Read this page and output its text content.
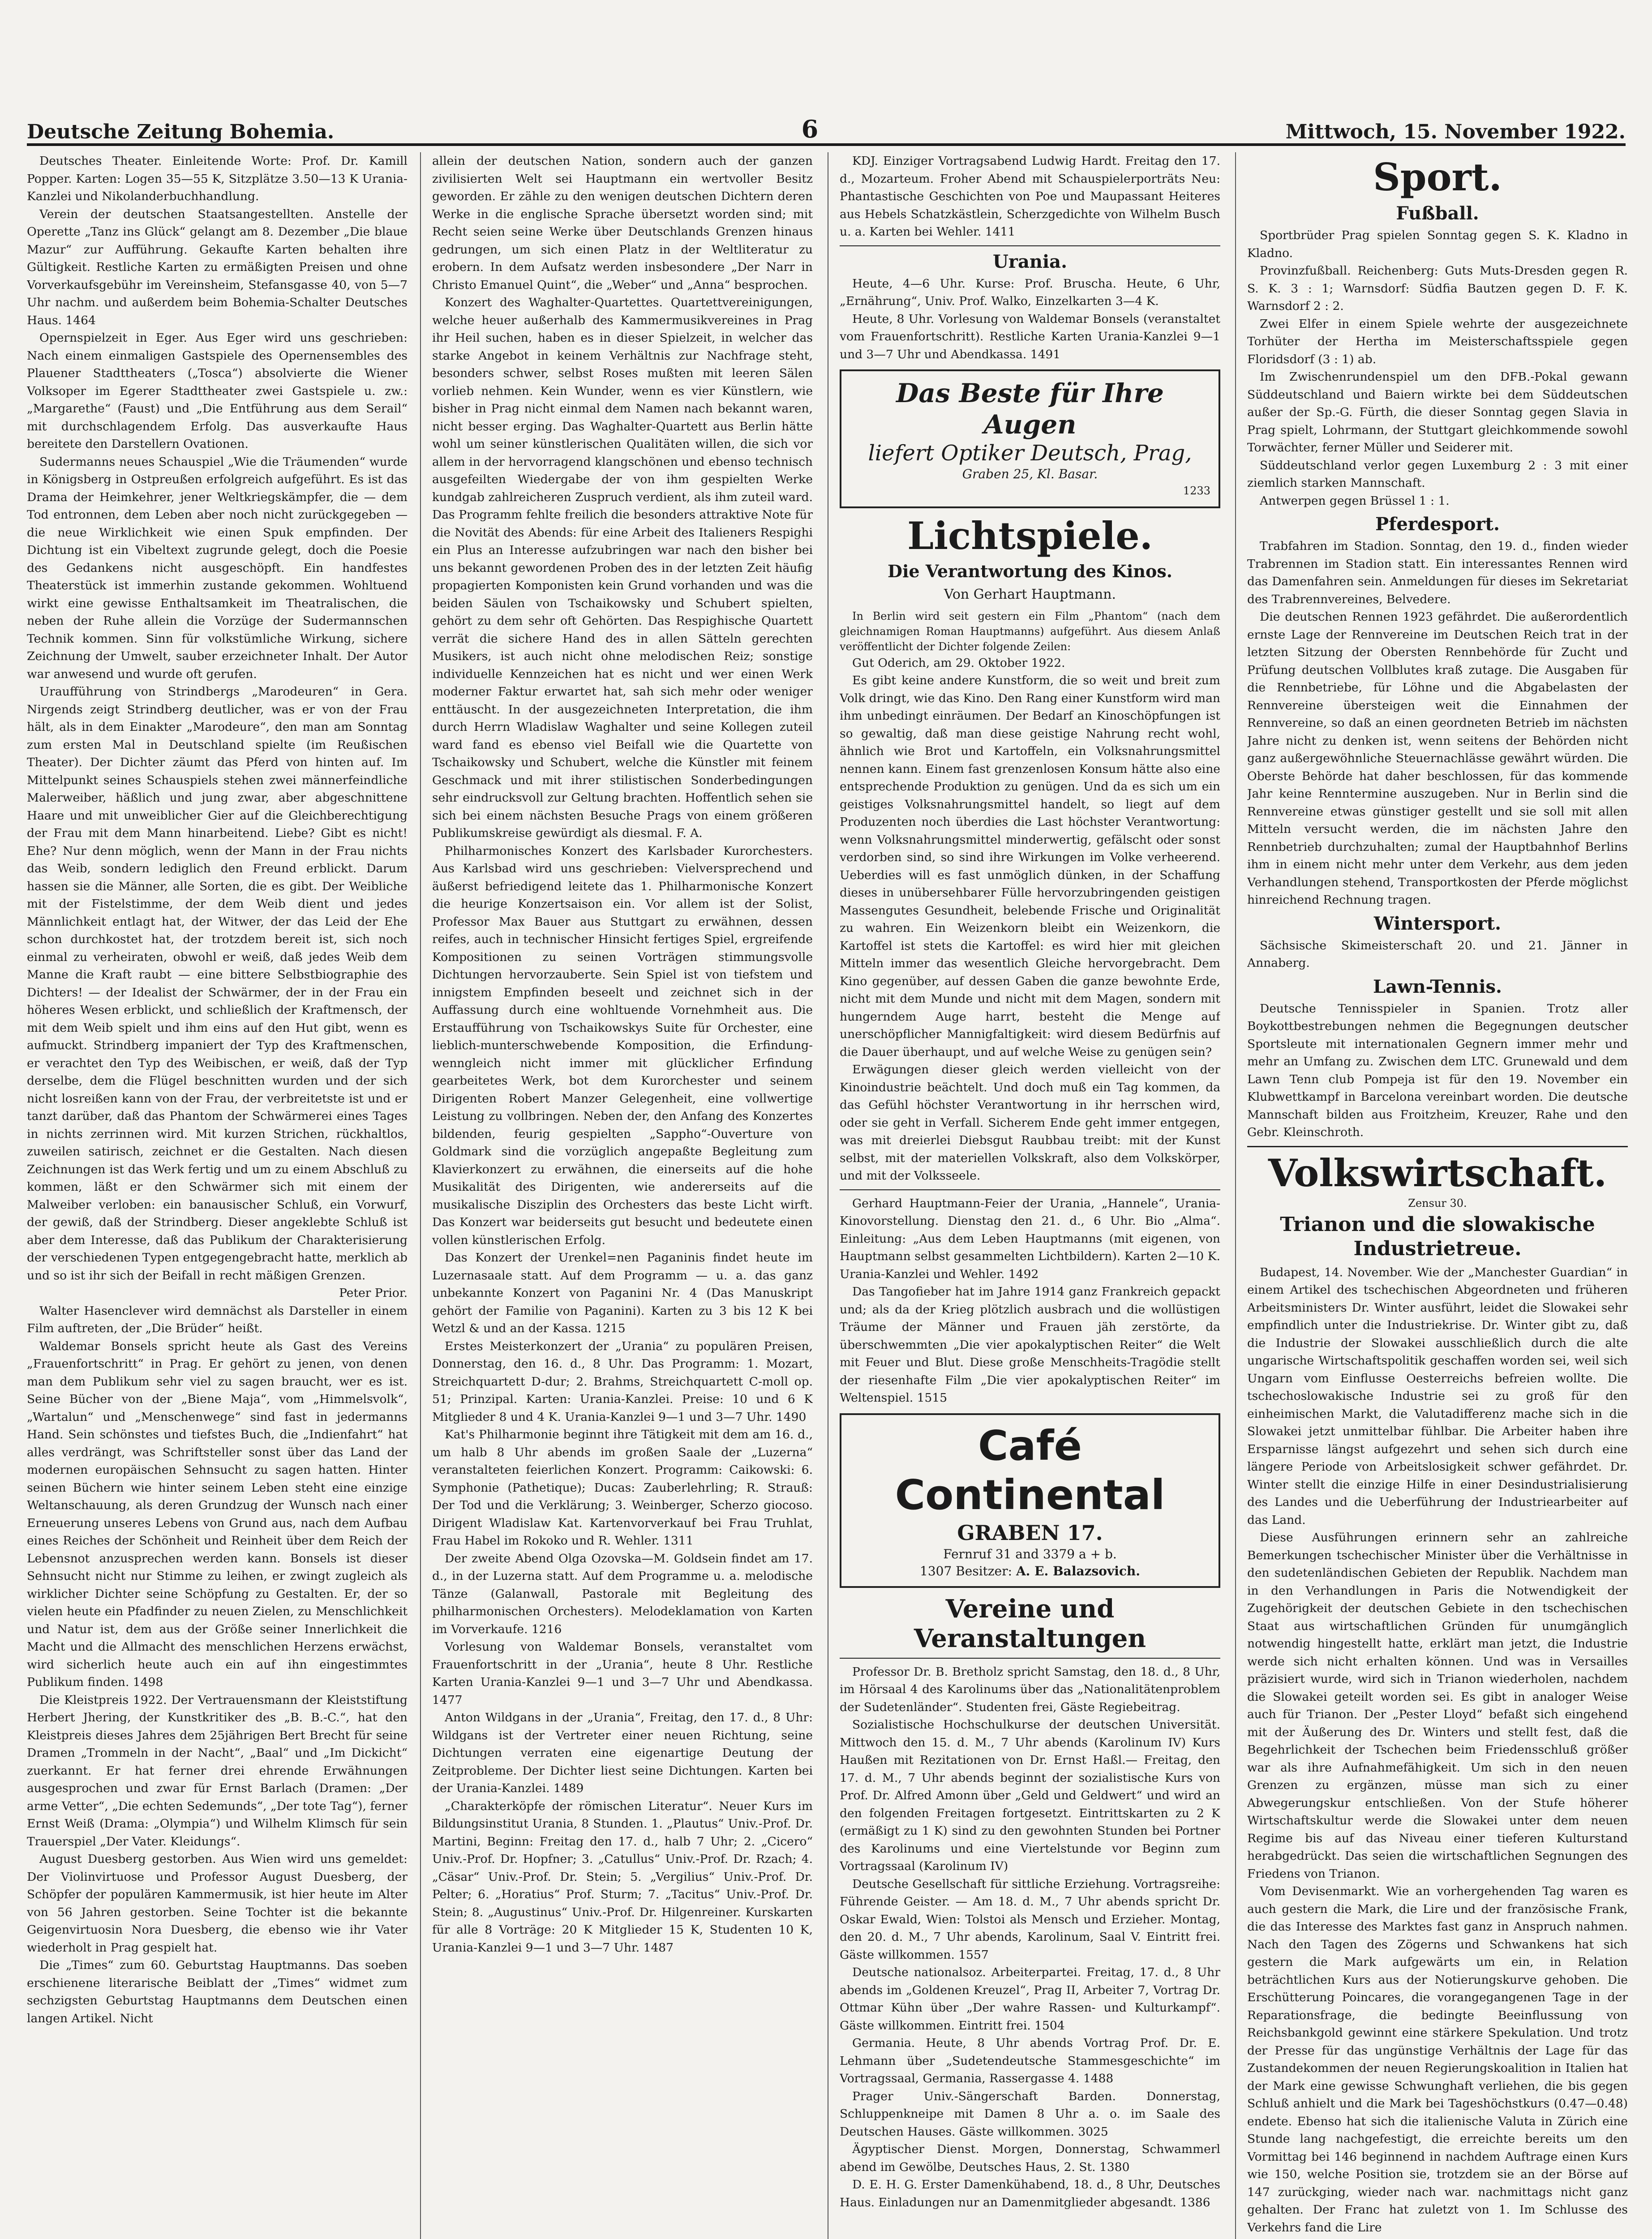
Deutsche Zeitung Bohemia.	6	Mittwoch, 15. November 1922.

Deutsches Theater. Einleitende Worte: Prof. Dr. Kamill Popper. Karten: Logen 35—55 K, Sitzplätze 3.50—13 K Urania-Kanzlei und Nikolanderbuchhandlung.

Verein der deutschen Staatsangestellten. Anstelle der Operette „Tanz ins Glück“ gelangt am 8. Dezember „Die blaue Mazur“ zur Aufführung. Gekaufte Karten behalten ihre Gültigkeit. Restliche Karten zu ermäßigten Preisen und ohne Vorverkaufsgebühr im Vereinsheim, Stefansgasse 40, von 5—7 Uhr nachm. und außerdem beim Bohemia-Schalter Deutsches Haus. 1464

Opernspielzeit in Eger. Aus Eger wird uns geschrieben: Nach einem einmaligen Gastspiele des Opernensembles des Plauener Stadttheaters („Tosca“) absolvierte die Wiener Volksoper im Egerer Stadttheater zwei Gastspiele u. zw.: „Margarethe“ (Faust) und „Die Entführung aus dem Serail“ mit durchschlagendem Erfolg. Das ausverkaufte Haus bereitete den Darstellern Ovationen.

Sudermanns neues Schauspiel „Wie die Träumenden“ wurde in Königsberg in Ostpreußen erfolgreich aufgeführt. Es ist das Drama der Heimkehrer, jener Weltkriegskämpfer, die — dem Tod entronnen, dem Leben aber noch nicht zurückgegeben — die neue Wirklichkeit wie einen Spuk empfinden. Der Dichtung ist ein Vibeltext zugrunde gelegt, doch die Poesie des Gedankens nicht ausgeschöpft. Ein handfestes Theaterstück ist immerhin zustande gekommen. Wohltuend wirkt eine gewisse Enthaltsamkeit im Theatralischen, die neben der Ruhe allein die Vorzüge der Sudermannschen Technik kommen. Sinn für volkstümliche Wirkung, sichere Zeichnung der Umwelt, sauber erzeichneter Inhalt. Der Autor war anwesend und wurde oft gerufen.

Uraufführung von Strindbergs „Marodeuren“ in Gera. Nirgends zeigt Strindberg deutlicher, was er von der Frau hält, als in dem Einakter „Marodeure“, den man am Sonntag zum ersten Mal in Deutschland spielte (im Reußischen Theater). Der Dichter zäumt das Pferd von hinten auf. Im Mittelpunkt seines Schauspiels stehen zwei männerfeindliche Malerweiber, häßlich und jung zwar, aber abgeschnittene Haare und mit unweiblicher Gier auf die Gleichberechtigung der Frau mit dem Mann hinarbeitend. Liebe? Gibt es nicht! Ehe? Nur denn möglich, wenn der Mann in der Frau nichts das Weib, sondern lediglich den Freund erblickt. Darum hassen sie die Männer, alle Sorten, die es gibt. Der Weibliche mit der Fistelstimme, der dem Weib dient und jedes Männlichkeit entlagt hat, der Witwer, der das Leid der Ehe schon durchkostet hat, der trotzdem bereit ist, sich noch einmal zu verheiraten, obwohl er weiß, daß jedes Weib dem Manne die Kraft raubt — eine bittere Selbstbiographie des Dichters! — der Idealist der Schwärmer, der in der Frau ein höheres Wesen erblickt, und schließlich der Kraftmensch, der mit dem Weib spielt und ihm eins auf den Hut gibt, wenn es aufmuckt. Strindberg impaniert der Typ des Kraftmenschen, er verachtet den Typ des Weibischen, er weiß, daß der Typ derselbe, dem die Flügel beschnitten wurden und der sich nicht losreißen kann von der Frau, der verbreitetste ist und er tanzt darüber, daß das Phantom der Schwärmerei eines Tages in nichts zerrinnen wird. Mit kurzen Strichen, rückhaltlos, zuweilen satirisch, zeichnet er die Gestalten. Nach diesen Zeichnungen ist das Werk fertig und um zu einem Abschluß zu kommen, läßt er den Schwärmer sich mit einem der Malweiber verloben: ein banausischer Schluß, ein Vorwurf, der gewiß, daß der Strindberg. Dieser angeklebte Schluß ist aber dem Interesse, daß das Publikum der Charakterisierung der verschiedenen Typen entgegengebracht hatte, merklich ab und so ist ihr sich der Beifall in recht mäßigen Grenzen.

Peter Prior.

Walter Hasenclever wird demnächst als Darsteller in einem Film auftreten, der „Die Brüder“ heißt.

Waldemar Bonsels spricht heute als Gast des Vereins „Frauenfortschritt“ in Prag. Er gehört zu jenen, von denen man dem Publikum sehr viel zu sagen braucht, wer es ist. Seine Bücher von der „Biene Maja“, vom „Himmelsvolk“, „Wartalun“ und „Menschenwege“ sind fast in jedermanns Hand. Sein schönstes und tiefstes Buch, die „Indienfahrt“ hat alles verdrängt, was Schriftsteller sonst über das Land der modernen europäischen Sehnsucht zu sagen hatten. Hinter seinen Büchern wie hinter seinem Leben steht eine einzige Weltanschauung, als deren Grundzug der Wunsch nach einer Erneuerung unseres Lebens von Grund aus, nach dem Aufbau eines Reiches der Schönheit und Reinheit über dem Reich der Lebensnot anzusprechen werden kann. Bonsels ist dieser Sehnsucht nicht nur Stimme zu leihen, er zwingt zugleich als wirklicher Dichter seine Schöpfung zu Gestalten. Er, der so vielen heute ein Pfadfinder zu neuen Zielen, zu Menschlichkeit und Natur ist, dem aus der Größe seiner Innerlichkeit die Macht und die Allmacht des menschlichen Herzens erwächst, wird sicherlich heute auch ein auf ihn eingestimmtes Publikum finden. 1498

Die Kleistpreis 1922. Der Vertrauensmann der Kleiststiftung Herbert Jhering, der Kunstkritiker des „B. B.-C.“, hat den Kleistpreis dieses Jahres dem 25jährigen Bert Brecht für seine Dramen „Trommeln in der Nacht“, „Baal“ und „Im Dickicht“ zuerkannt. Er hat ferner drei ehrende Erwähnungen ausgesprochen und zwar für Ernst Barlach (Dramen: „Der arme Vetter“, „Die echten Sedemunds“, „Der tote Tag“), ferner Ernst Weiß (Drama: „Olympia“) und Wilhelm Klimsch für sein Trauerspiel „Der Vater. Kleidungs“.

August Duesberg gestorben. Aus Wien wird uns gemeldet: Der Violinvirtuose und Professor August Duesberg, der Schöpfer der populären Kammermusik, ist hier heute im Alter von 56 Jahren gestorben. Seine Tochter ist die bekannte Geigenvirtuosin Nora Duesberg, die ebenso wie ihr Vater wiederholt in Prag gespielt hat.

Die „Times“ zum 60. Geburtstag Hauptmanns. Das soeben erschienene literarische Beiblatt der „Times“ widmet zum sechzigsten Geburtstag Hauptmanns dem Deutschen einen langen Artikel. Nicht

allein der deutschen Nation, sondern auch der ganzen zivilisierten Welt sei Hauptmann ein wertvoller Besitz geworden. Er zähle zu den wenigen deutschen Dichtern deren Werke in die englische Sprache übersetzt worden sind; mit Recht seien seine Werke über Deutschlands Grenzen hinaus gedrungen, um sich einen Platz in der Weltliteratur zu erobern. In dem Aufsatz werden insbesondere „Der Narr in Christo Emanuel Quint“, die „Weber“ und „Anna“ besprochen.

Konzert des Waghalter-Quartettes. Quartettvereinigungen, welche heuer außerhalb des Kammermusikvereines in Prag ihr Heil suchen, haben es in dieser Spielzeit, in welcher das starke Angebot in keinem Verhältnis zur Nachfrage steht, besonders schwer, selbst Roses mußten mit leeren Sälen vorlieb nehmen. Kein Wunder, wenn es vier Künstlern, wie bisher in Prag nicht einmal dem Namen nach bekannt waren, nicht besser erging. Das Waghalter-Quartett aus Berlin hätte wohl um seiner künstlerischen Qualitäten willen, die sich vor allem in der hervorragend klangschönen und ebenso technisch ausgefeilten Wiedergabe der von ihm gespielten Werke kundgab zahlreicheren Zuspruch verdient, als ihm zuteil ward. Das Programm fehlte freilich die besonders attraktive Note für die Novität des Abends: für eine Arbeit des Italieners Respighi ein Plus an Interesse aufzubringen war nach den bisher bei uns bekannt gewordenen Proben des in der letzten Zeit häufig propagierten Komponisten kein Grund vorhanden und was die beiden Säulen von Tschaikowsky und Schubert spielten, gehört zu dem sehr oft Gehörten. Das Respighische Quartett verrät die sichere Hand des in allen Sätteln gerechten Musikers, ist auch nicht ohne melodischen Reiz; sonstige individuelle Kennzeichen hat es nicht und wer einen Werk moderner Faktur erwartet hat, sah sich mehr oder weniger enttäuscht. In der ausgezeichneten Interpretation, die ihm durch Herrn Wladislaw Waghalter und seine Kollegen zuteil ward fand es ebenso viel Beifall wie die Quartette von Tschaikowsky und Schubert, welche die Künstler mit feinem Geschmack und mit ihrer stilistischen Sonderbedingungen sehr eindrucksvoll zur Geltung brachten. Hoffentlich sehen sie sich bei einem nächsten Besuche Prags von einem größeren Publikumskreise gewürdigt als diesmal. F. A.

Philharmonisches Konzert des Karlsbader Kurorchesters. Aus Karlsbad wird uns geschrieben: Vielversprechend und äußerst befriedigend leitete das 1. Philharmonische Konzert die heurige Konzertsaison ein. Vor allem ist der Solist, Professor Max Bauer aus Stuttgart zu erwähnen, dessen reifes, auch in technischer Hinsicht fertiges Spiel, ergreifende Kompositionen zu seinen Vorträgen stimmungsvolle Dichtungen hervorzauberte. Sein Spiel ist von tiefstem und innigstem Empfinden beseelt und zeichnet sich in der Auffassung durch eine wohltuende Vornehmheit aus. Die Erstaufführung von Tschaikowskys Suite für Orchester, eine lieblich-munterschwebende Komposition, die Erfindung-wenngleich nicht immer mit glücklicher Erfindung gearbeitetes Werk, bot dem Kurorchester und seinem Dirigenten Robert Manzer Gelegenheit, eine vollwertige Leistung zu vollbringen. Neben der, den Anfang des Konzertes bildenden, feurig gespielten „Sappho“-Ouverture von Goldmark sind die vorzüglich angepaßte Begleitung zum Klavierkonzert zu erwähnen, die einerseits auf die hohe Musikalität des Dirigenten, wie andererseits auf die musikalische Disziplin des Orchesters das beste Licht wirft. Das Konzert war beiderseits gut besucht und bedeutete einen vollen künstlerischen Erfolg.

Das Konzert der Urenkel=nen Paganinis findet heute im Luzernasaale statt. Auf dem Programm — u. a. das ganz unbekannte Konzert von Paganini Nr. 4 (Das Manuskript gehört der Familie von Paganini). Karten zu 3 bis 12 K bei Wetzl & und an der Kassa. 1215

Erstes Meisterkonzert der „Urania“ zu populären Preisen, Donnerstag, den 16. d., 8 Uhr. Das Programm: 1. Mozart, Streichquartett D-dur; 2. Brahms, Streichquartett C-moll op. 51; Prinzipal. Karten: Urania-Kanzlei. Preise: 10 und 6 K Mitglieder 8 und 4 K. Urania-Kanzlei 9—1 und 3—7 Uhr. 1490

Kat's Philharmonie beginnt ihre Tätigkeit mit dem am 16. d., um halb 8 Uhr abends im großen Saale der „Luzerna“ veranstalteten feierlichen Konzert. Programm: Caikowski: 6. Symphonie (Pathetique); Ducas: Zauberlehrling; R. Strauß: Der Tod und die Verklärung; 3. Weinberger, Scherzo giocoso. Dirigent Wladislaw Kat. Kartenvorverkauf bei Frau Truhlat, Frau Habel im Rokoko und R. Wehler. 1311

Der zweite Abend Olga Ozovska—M. Goldsein findet am 17. d., in der Luzerna statt. Auf dem Programme u. a. melodische Tänze (Galanwall, Pastorale mit Begleitung des philharmonischen Orchesters). Melodeklamation von Karten im Vorverkaufe. 1216

Vorlesung von Waldemar Bonsels, veranstaltet vom Frauenfortschritt in der „Urania“, heute 8 Uhr. Restliche Karten Urania-Kanzlei 9—1 und 3—7 Uhr und Abendkassa. 1477

Anton Wildgans in der „Urania“, Freitag, den 17. d., 8 Uhr: Wildgans ist der Vertreter einer neuen Richtung, seine Dichtungen verraten eine eigenartige Deutung der Zeitprobleme. Der Dichter liest seine Dichtungen. Karten bei der Urania-Kanzlei. 1489

„Charakterköpfe der römischen Literatur“. Neuer Kurs im Bildungsinstitut Urania, 8 Stunden. 1. „Plautus“ Univ.-Prof. Dr. Martini, Beginn: Freitag den 17. d., halb 7 Uhr; 2. „Cicero“ Univ.-Prof. Dr. Hopfner; 3. „Catullus“ Univ.-Prof. Dr. Rzach; 4. „Cäsar“ Univ.-Prof. Dr. Stein; 5. „Vergilius“ Univ.-Prof. Dr. Pelter; 6. „Horatius“ Prof. Sturm; 7. „Tacitus“ Univ.-Prof. Dr. Stein; 8. „Augustinus“ Univ.-Prof. Dr. Hilgenreiner. Kurskarten für alle 8 Vorträge: 20 K Mitglieder 15 K, Studenten 10 K, Urania-Kanzlei 9—1 und 3—7 Uhr. 1487

KDJ. Einziger Vortragsabend Ludwig Hardt. Freitag den 17. d., Mozarteum. Froher Abend mit Schauspielerporträts Neu: Phantastische Geschichten von Poe und Maupassant Heiteres aus Hebels Schatzkästlein, Scherzgedichte von Wilhelm Busch u. a. Karten bei Wehler. 1411

Urania.

Heute, 4—6 Uhr. Kurse: Prof. Bruscha. Heute, 6 Uhr, „Ernährung“, Univ. Prof. Walko, Einzelkarten 3—4 K.

Heute, 8 Uhr. Vorlesung von Waldemar Bonsels (veranstaltet vom Frauenfortschritt). Restliche Karten Urania-Kanzlei 9—1 und 3—7 Uhr und Abendkassa. 1491

Das Beste für Ihre Augen
liefert Optiker Deutsch, Prag,
Graben 25, Kl. Basar.
1233
Lichtspiele.
Die Verantwortung des Kinos.
Von Gerhart Hauptmann.

In Berlin wird seit gestern ein Film „Phantom“ (nach dem gleichnamigen Roman Hauptmanns) aufgeführt. Aus diesem Anlaß veröffentlicht der Dichter folgende Zeilen:

Gut Oderich, am 29. Oktober 1922.

Es gibt keine andere Kunstform, die so weit und breit zum Volk dringt, wie das Kino. Den Rang einer Kunstform wird man ihm unbedingt einräumen. Der Bedarf an Kinoschöpfungen ist so gewaltig, daß man diese geistige Nahrung recht wohl, ähnlich wie Brot und Kartoffeln, ein Volksnahrungsmittel nennen kann. Einem fast grenzenlosen Konsum hätte also eine entsprechende Produktion zu genügen. Und da es sich um ein geistiges Volksnahrungsmittel handelt, so liegt auf dem Produzenten noch überdies die Last höchster Verantwortung: wenn Volksnahrungsmittel minderwertig, gefälscht oder sonst verdorben sind, so sind ihre Wirkungen im Volke verheerend. Ueberdies will es fast unmöglich dünken, in der Schaffung dieses in unübersehbarer Fülle hervorzubringenden geistigen Massengutes Gesundheit, belebende Frische und Originalität zu wahren. Ein Weizenkorn bleibt ein Weizenkorn, die Kartoffel ist stets die Kartoffel: es wird hier mit gleichen Mitteln immer das wesentlich Gleiche hervorgebracht. Dem Kino gegenüber, auf dessen Gaben die ganze bewohnte Erde, nicht mit dem Munde und nicht mit dem Magen, sondern mit hungerndem Auge harrt, besteht die Menge auf unerschöpflicher Mannigfaltigkeit: wird diesem Bedürfnis auf die Dauer überhaupt, und auf welche Weise zu genügen sein?

Erwägungen dieser gleich werden vielleicht von der Kinoindustrie beächtelt. Und doch muß ein Tag kommen, da das Gefühl höchster Verantwortung in ihr herrschen wird, oder sie geht in Verfall. Sicherem Ende geht immer entgegen, was mit dreierlei Diebsgut Raubbau treibt: mit der Kunst selbst, mit der materiellen Volkskraft, also dem Volkskörper, und mit der Volksseele.

Gerhard Hauptmann-Feier der Urania, „Hannele“, Urania-Kinovorstellung. Dienstag den 21. d., 6 Uhr. Bio „Alma“. Einleitung: „Aus dem Leben Hauptmanns (mit eigenen, von Hauptmann selbst gesammelten Lichtbildern). Karten 2—10 K. Urania-Kanzlei und Wehler. 1492

Das Tangofieber hat im Jahre 1914 ganz Frankreich gepackt und; als da der Krieg plötzlich ausbrach und die wollüstigen Träume der Männer und Frauen jäh zerstörte, da überschwemmten „Die vier apokalyptischen Reiter“ die Welt mit Feuer und Blut. Diese große Menschheits-Tragödie stellt der riesenhafte Film „Die vier apokalyptischen Reiter“ im Weltenspiel. 1515

Café Continental
GRABEN 17.
Fernruf 31 and 3379 a + b.
1307 Besitzer: A. E. Balazsovich.
Vereine und Veranstaltungen

Professor Dr. B. Bretholz spricht Samstag, den 18. d., 8 Uhr, im Hörsaal 4 des Karolinums über das „Nationalitätenproblem der Sudetenländer“. Studenten frei, Gäste Regiebeitrag.

Sozialistische Hochschulkurse der deutschen Universität. Mittwoch den 15. d. M., 7 Uhr abends (Karolinum IV) Kurs Haußen mit Rezitationen von Dr. Ernst Haßl.— Freitag, den 17. d. M., 7 Uhr abends beginnt der sozialistische Kurs von Prof. Dr. Alfred Amonn über „Geld und Geldwert“ und wird an den folgenden Freitagen fortgesetzt. Eintrittskarten zu 2 K (ermäßigt zu 1 K) sind zu den gewohnten Stunden bei Portner des Karolinums und eine Viertelstunde vor Beginn zum Vortragssaal (Karolinum IV)

Deutsche Gesellschaft für sittliche Erziehung. Vortragsreihe: Führende Geister. — Am 18. d. M., 7 Uhr abends spricht Dr. Oskar Ewald, Wien: Tolstoi als Mensch und Erzieher. Montag, den 20. d. M., 7 Uhr abends, Karolinum, Saal V. Eintritt frei. Gäste willkommen. 1557

Deutsche nationalsoz. Arbeiterpartei. Freitag, 17. d., 8 Uhr abends im „Goldenen Kreuzel“, Prag II, Arbeiter 7, Vortrag Dr. Ottmar Kühn über „Der wahre Rassen- und Kulturkampf“. Gäste willkommen. Eintritt frei. 1504

Germania. Heute, 8 Uhr abends Vortrag Prof. Dr. E. Lehmann über „Sudetendeutsche Stammesgeschichte“ im Vortragssaal, Germania, Rassergasse 4. 1488

Prager Univ.-Sängerschaft Barden. Donnerstag, Schluppenkneipe mit Damen 8 Uhr a. o. im Saale des Deutschen Hauses. Gäste willkommen. 3025

Ägyptischer Dienst. Morgen, Donnerstag, Schwammerl abend im Gewölbe, Deutsches Haus, 2. St. 1380

D. E. H. G. Erster Damenkühabend, 18. d., 8 Uhr, Deutsches Haus. Einladungen nur an Damenmitglieder abgesandt. 1386

Sport.
Fußball.

Sportbrüder Prag spielen Sonntag gegen S. K. Kladno in Kladno.

Provinzfußball. Reichenberg: Guts Muts-Dresden gegen R. S. K. 3 : 1; Warnsdorf: Südfia Bautzen gegen D. F. K. Warnsdorf 2 : 2.

Zwei Elfer in einem Spiele wehrte der ausgezeichnete Torhüter der Hertha im Meisterschaftsspiele gegen Floridsdorf (3 : 1) ab.

Im Zwischenrundenspiel um den DFB.-Pokal gewann Süddeutschland und Baiern wirkte bei dem Süddeutschen außer der Sp.-G. Fürth, die dieser Sonntag gegen Slavia in Prag spielt, Lohrmann, der Stuttgart gleichkommende sowohl Torwächter, ferner Müller und Seiderer mit.

Süddeutschland verlor gegen Luxemburg 2 : 3 mit einer ziemlich starken Mannschaft.

Antwerpen gegen Brüssel 1 : 1.

Pferdesport.

Trabfahren im Stadion. Sonntag, den 19. d., finden wieder Trabrennen im Stadion statt. Ein interessantes Rennen wird das Damenfahren sein. Anmeldungen für dieses im Sekretariat des Trabrennvereines, Belvedere.

Die deutschen Rennen 1923 gefährdet. Die außerordentlich ernste Lage der Rennvereine im Deutschen Reich trat in der letzten Sitzung der Obersten Rennbehörde für Zucht und Prüfung deutschen Vollblutes kraß zutage. Die Ausgaben für die Rennbetriebe, für Löhne und die Abgabelasten der Rennvereine übersteigen weit die Einnahmen der Rennvereine, so daß an einen geordneten Betrieb im nächsten Jahre nicht zu denken ist, wenn seitens der Behörden nicht ganz außergewöhnliche Steuernachlässe gewährt würden. Die Oberste Behörde hat daher beschlossen, für das kommende Jahr keine Renntermine auszugeben. Nur in Berlin sind die Rennvereine etwas günstiger gestellt und sie soll mit allen Mitteln versucht werden, die im nächsten Jahre den Rennbetrieb durchzuhalten; zumal der Hauptbahnhof Berlins ihm in einem nicht mehr unter dem Verkehr, aus dem jeden Verhandlungen stehend, Transportkosten der Pferde möglichst hinreichend Rechnung tragen.

Wintersport.

Sächsische Skimeisterschaft 20. und 21. Jänner in Annaberg.

Lawn-Tennis.

Deutsche Tennisspieler in Spanien. Trotz aller Boykottbestrebungen nehmen die Begegnungen deutscher Sportsleute mit internationalen Gegnern immer mehr und mehr an Umfang zu. Zwischen dem LTC. Grunewald und dem Lawn Tenn club Pompeja ist für den 19. November ein Klubwettkampf in Barcelona vereinbart worden. Die deutsche Mannschaft bilden aus Froitzheim, Kreuzer, Rahe und den Gebr. Kleinschroth.

Volkswirtschaft.
Zensur 30.
Trianon und die slowakische Industrietreue.

Budapest, 14. November. Wie der „Manchester Guardian“ in einem Artikel des tschechischen Abgeordneten und früheren Arbeitsministers Dr. Winter ausführt, leidet die Slowakei sehr empfindlich unter die Industriekrise. Dr. Winter gibt zu, daß die Industrie der Slowakei ausschließlich durch die alte ungarische Wirtschaftspolitik geschaffen worden sei, weil sich Ungarn vom Einflusse Oesterreichs befreien wollte. Die tschechoslowakische Industrie sei zu groß für den einheimischen Markt, die Valutadifferenz mache sich in die Slowakei jetzt unmittelbar fühlbar. Die Arbeiter haben ihre Ersparnisse längst aufgezehrt und sehen sich durch eine längere Periode von Arbeitslosigkeit schwer gefährdet. Dr. Winter stellt die einzige Hilfe in einer Desindustrialisierung des Landes und die Ueberführung der Industriearbeiter auf das Land.

Diese Ausführungen erinnern sehr an zahlreiche Bemerkungen tschechischer Minister über die Verhältnisse in den sudetenländischen Gebieten der Republik. Nachdem man in den Verhandlungen in Paris die Notwendigkeit der Zugehörigkeit der deutschen Gebiete in den tschechischen Staat aus wirtschaftlichen Gründen für unumgänglich notwendig hingestellt hatte, erklärt man jetzt, die Industrie werde sich nicht erhalten können. Und was in Versailles präzisiert wurde, wird sich in Trianon wiederholen, nachdem die Slowakei geteilt worden sei. Es gibt in analoger Weise auch für Trianon. Der „Pester Lloyd“ befaßt sich eingehend mit der Äußerung des Dr. Winters und stellt fest, daß die Begehrlichkeit der Tschechen beim Friedensschluß größer war als ihre Aufnahmefähigkeit. Um sich in den neuen Grenzen zu ergänzen, müsse man sich zu einer Abwegerungskur entschließen. Von der Stufe höherer Wirtschaftskultur werde die Slowakei unter dem neuen Regime bis auf das Niveau einer tieferen Kulturstand herabgedrückt. Das seien die wirtschaftlichen Segnungen des Friedens von Trianon.

Vom Devisenmarkt. Wie an vorhergehenden Tag waren es auch gestern die Mark, die Lire und der französische Frank, die das Interesse des Marktes fast ganz in Anspruch nahmen. Nach den Tagen des Zögerns und Schwankens hat sich gestern die Mark aufgewärts um ein, in Relation beträchtlichen Kurs aus der Notierungskurve gehoben. Die Erschütterung Poincares, die vorangegangenen Tage in der Reparationsfrage, die bedingte Beeinflussung von Reichsbankgold gewinnt eine stärkere Spekulation. Und trotz der Presse für das ungünstige Verhältnis der Lage für das Zustandekommen der neuen Regierungskoalition in Italien hat der Mark eine gewisse Schwunghaft verliehen, die bis gegen Schluß anhielt und die Mark bei Tageshöchstkurs (0.47—0.48) endete. Ebenso hat sich die italienische Valuta in Zürich eine Stunde lang nachgefestigt, die erreichte bereits um den Vormittag bei 146 beginnend in nachdem Auftrage einen Kurs wie 150, welche Position sie, trotzdem sie an der Börse auf 147 zurückging, wieder nach war. nachmittags nicht ganz gehalten. Der Franc hat zuletzt von 1. Im Schlusse des Verkehrs fand die Lire
